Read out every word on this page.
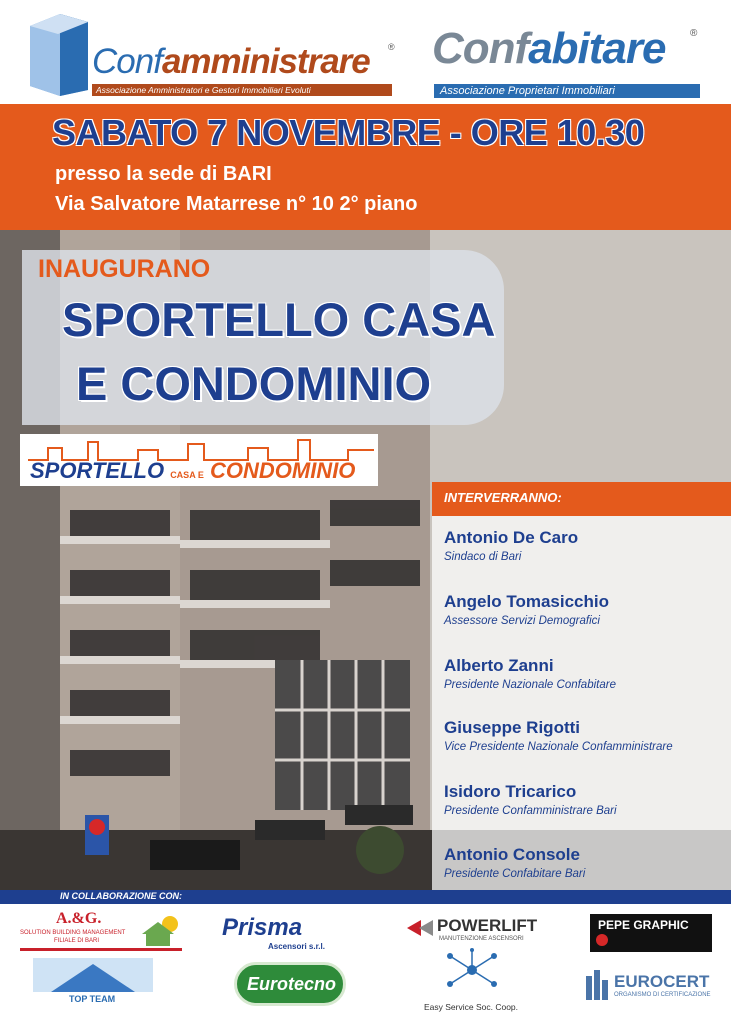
Confamministrare ®
Associazione Amministratori e Gestori Immobiliari Evoluti
Confabitare ®
Associazione Proprietari Immobiliari
SABATO 7 NOVEMBRE - ORE 10.30
presso la sede di BARI
Via Salvatore Matarrese n° 10 2° piano
INAUGURANO
SPORTELLO CASA
E CONDOMINIO
SPORTELLO CASA E CONDOMINIO
INTERVERRANNO:
Antonio De Caro
Sindaco di Bari
Angelo Tomasicchio
Assessore Servizi Demografici
Alberto Zanni
Presidente Nazionale Confabitare
Giuseppe Rigotti
Vice Presidente Nazionale Confamministrare
Isidoro Tricarico
Presidente Confamministrare Bari
Antonio Console
Presidente Confabitare Bari
IN COLLABORAZIONE CON:
A.&G.
SOLUTION BUILDING MANAGEMENT
FILIALE DI BARI	Prisma
Ascensori s.r.l.
POWERLIFT
MANUTENZIONE ASCENSORI
PEPE GRAPHIC
TOP TEAM
Eurotecno
Easy Service Soc. Coop.
EUROCERT
ORGANISMO DI CERTIFICAZIONE
